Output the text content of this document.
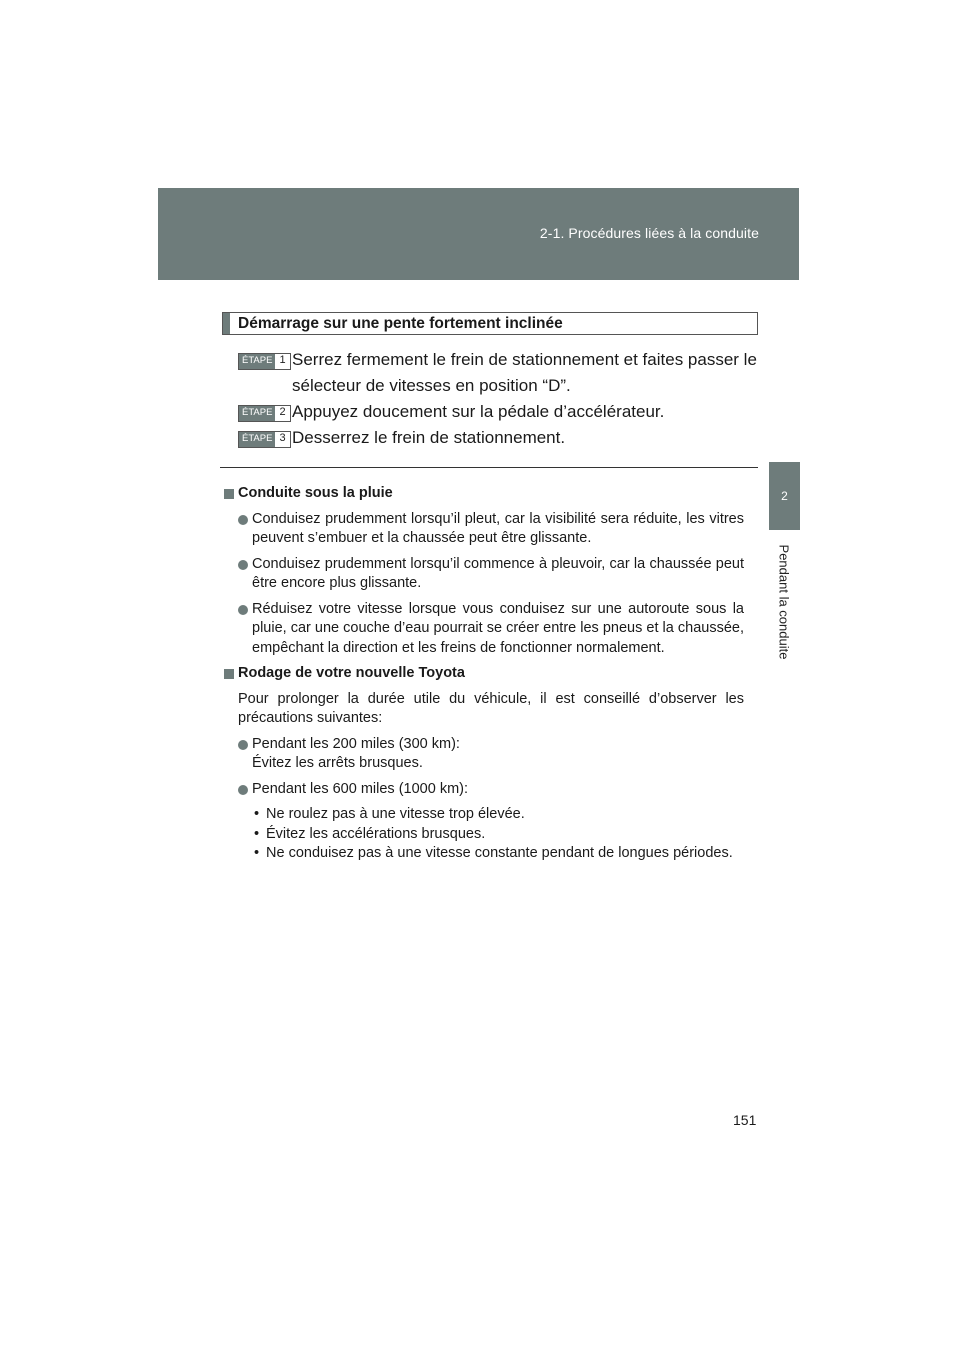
2-1. Procédures liées à la conduite
2
Pendant la conduite
Démarrage sur une pente fortement inclinée
ÉTAPE 1 Serrez fermement le frein de stationnement et faites passer le sélecteur de vitesses en position “D”.
ÉTAPE 2 Appuyez doucement sur la pédale d’accélérateur.
ÉTAPE 3 Desserrez le frein de stationnement.

Conduite sous la pluie

Conduisez prudemment lorsqu’il pleut, car la visibilité sera réduite, les vitres peuvent s’embuer et la chaussée peut être glissante.

Conduisez prudemment lorsqu’il commence à pleuvoir, car la chaussée peut être encore plus glissante.

Réduisez votre vitesse lorsque vous conduisez sur une autoroute sous la pluie, car une couche d’eau pourrait se créer entre les pneus et la chaussée, empêchant la direction et les freins de fonctionner normalement.

Rodage de votre nouvelle Toyota

Pour prolonger la durée utile du véhicule, il est conseillé d’observer les précautions suivantes:

Pendant les 200 miles (300 km):
Évitez les arrêts brusques.

Pendant les 600 miles (1000 km):

• Ne roulez pas à une vitesse trop élevée.

• Évitez les accélérations brusques.

• Ne conduisez pas à une vitesse constante pendant de longues périodes.

151
